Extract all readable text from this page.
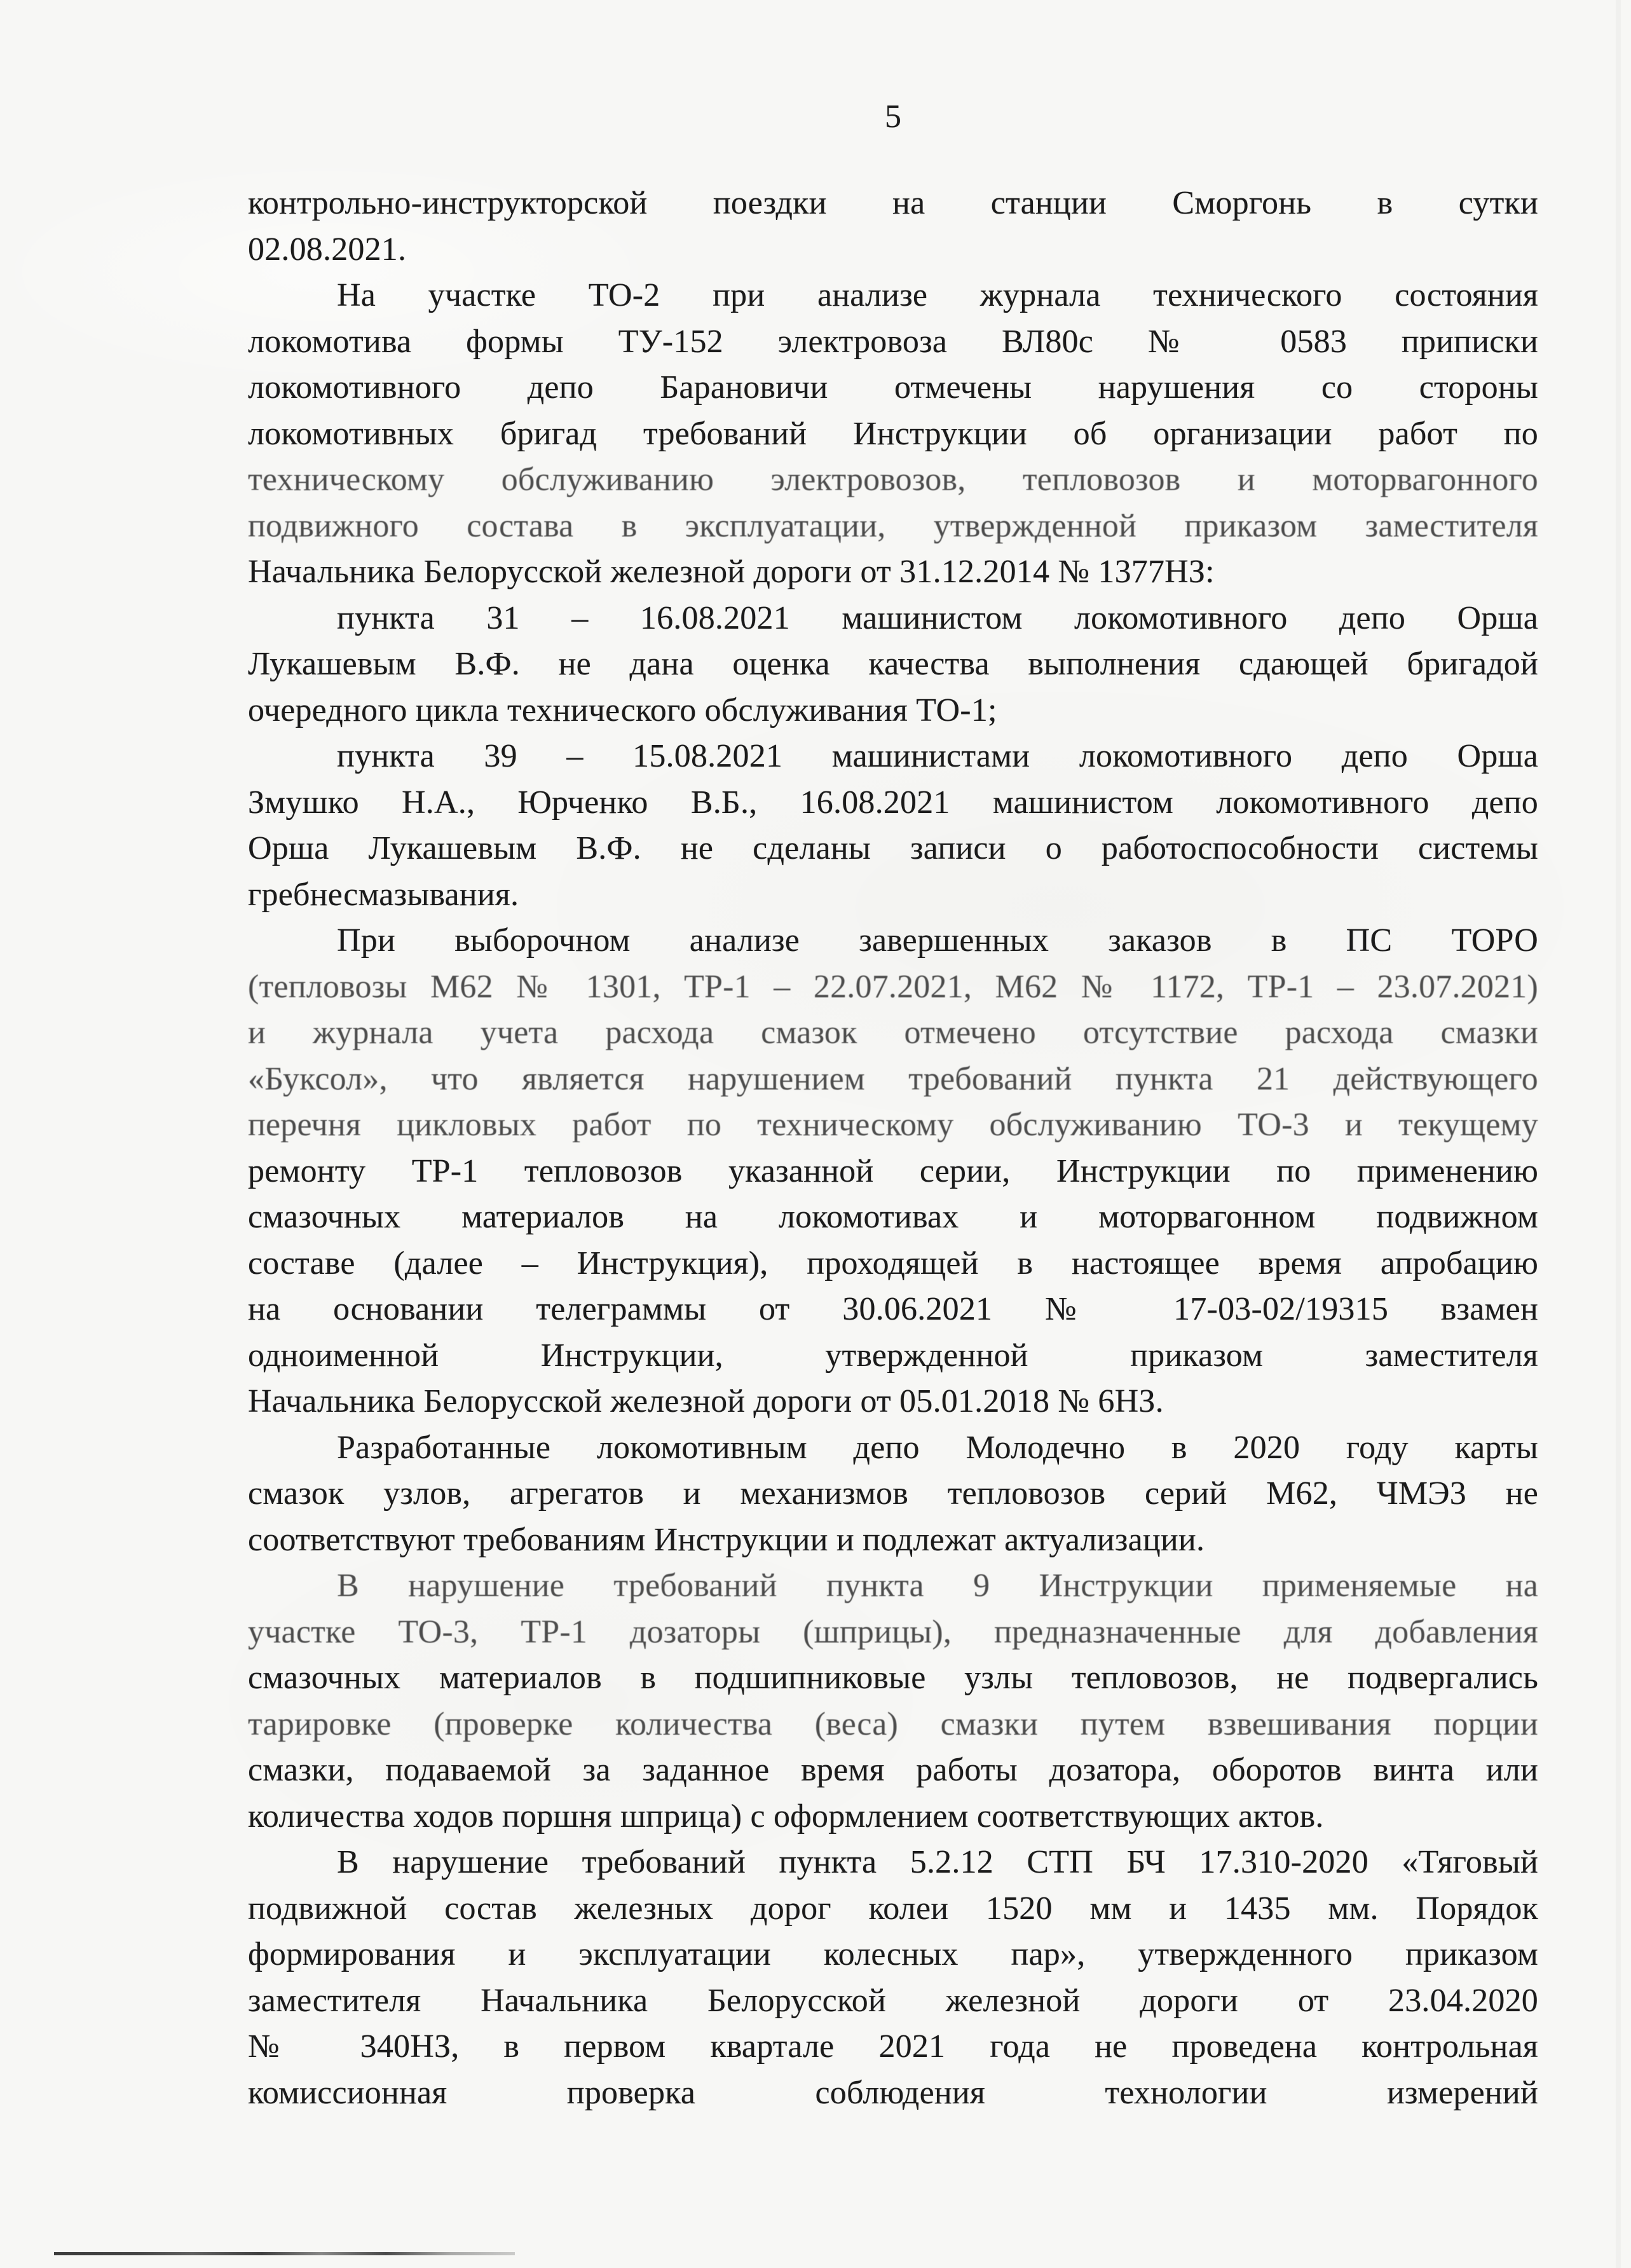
5
контрольно-инструкторской поездки на станции Сморгонь в сутки
02.08.2021.
На участке ТО-2 при анализе журнала технического состояния
локомотива формы ТУ-152 электровоза ВЛ80с № 0583 приписки
локомотивного депо Барановичи отмечены нарушения со стороны
локомотивных бригад требований Инструкции об организации работ по
техническому обслуживанию электровозов, тепловозов и моторвагонного
подвижного состава в эксплуатации, утвержденной приказом заместителя
Начальника Белорусской железной дороги от 31.12.2014 № 1377НЗ:
пункта 31 – 16.08.2021 машинистом локомотивного депо Орша
Лукашевым В.Ф. не дана оценка качества выполнения сдающей бригадой
очередного цикла технического обслуживания ТО-1;
пункта 39 – 15.08.2021 машинистами локомотивного депо Орша
Змушко Н.А., Юрченко В.Б., 16.08.2021 машинистом локомотивного депо
Орша Лукашевым В.Ф. не сделаны записи о работоспособности системы
гребнесмазывания.
При выборочном анализе завершенных заказов в ПС ТОРО
(тепловозы М62 № 1301, ТР-1 – 22.07.2021, М62 № 1172, ТР-1 – 23.07.2021)
и журнала учета расхода смазок отмечено отсутствие расхода смазки
«Буксол», что является нарушением требований пункта 21 действующего
перечня цикловых работ по техническому обслуживанию ТО-3 и текущему
ремонту ТР-1 тепловозов указанной серии, Инструкции по применению
смазочных материалов на локомотивах и моторвагонном подвижном
составе (далее – Инструкция), проходящей в настоящее время апробацию
на основании телеграммы от 30.06.2021 № 17-03-02/19315 взамен
одноименной Инструкции, утвержденной приказом заместителя
Начальника Белорусской железной дороги от 05.01.2018 № 6НЗ.
Разработанные локомотивным депо Молодечно в 2020 году карты
смазок узлов, агрегатов и механизмов тепловозов серий М62, ЧМЭ3 не
соответствуют требованиям Инструкции и подлежат актуализации.
В нарушение требований пункта 9 Инструкции применяемые на
участке ТО-3, ТР-1 дозаторы (шприцы), предназначенные для добавления
смазочных материалов в подшипниковые узлы тепловозов, не подвергались
тарировке (проверке количества (веса) смазки путем взвешивания порции
смазки, подаваемой за заданное время работы дозатора, оборотов винта или
количества ходов поршня шприца) с оформлением соответствующих актов.
В нарушение требований пункта 5.2.12 СТП БЧ 17.310-2020 «Тяговый
подвижной состав железных дорог колеи 1520 мм и 1435 мм. Порядок
формирования и эксплуатации колесных пар», утвержденного приказом
заместителя Начальника Белорусской железной дороги от 23.04.2020
№ 340НЗ, в первом квартале 2021 года не проведена контрольная
комиссионная проверка соблюдения технологии измерений
